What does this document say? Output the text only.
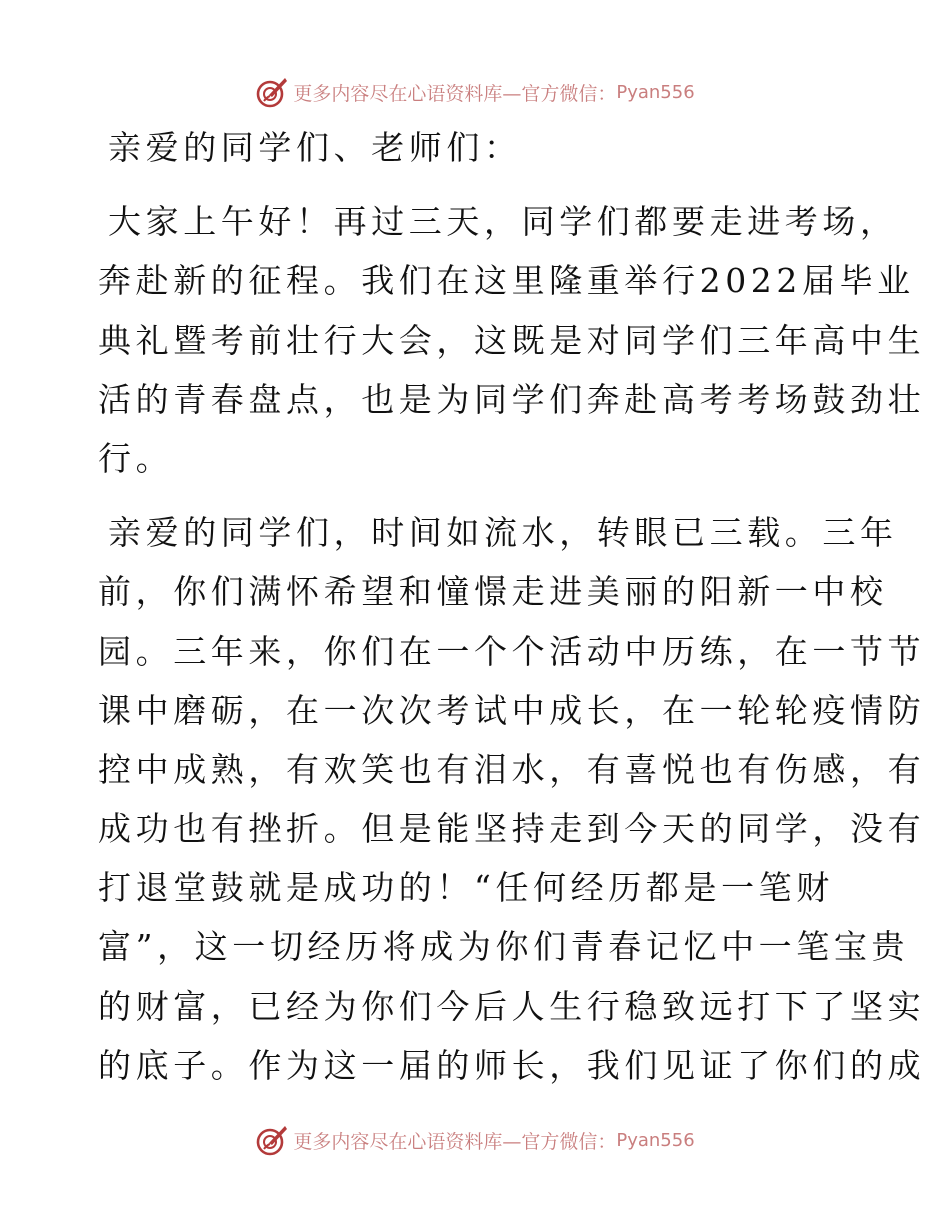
更多内容尽在心语资料库—官方微信： Pyan556

亲爱的同学们、老师们：

大家上午好！再过三天，同学们都要走进考场，
奔赴新的征程。我们在这里隆重举行2022届毕业
典礼暨考前壮行大会，这既是对同学们三年高中生
活的青春盘点，也是为同学们奔赴高考考场鼓劲壮
行。

亲爱的同学们，时间如流水，转眼已三载。三年
前，你们满怀希望和憧憬走进美丽的阳新一中校
园。三年来，你们在一个个活动中历练，在一节节
课中磨砺，在一次次考试中成长，在一轮轮疫情防
控中成熟，有欢笑也有泪水，有喜悦也有伤感，有
成功也有挫折。但是能坚持走到今天的同学，没有
打退堂鼓就是成功的！“任何经历都是一笔财
富”，这一切经历将成为你们青春记忆中一笔宝贵
的财富，已经为你们今后人生行稳致远打下了坚实
的底子。作为这一届的师长，我们见证了你们的成

更多内容尽在心语资料库—官方微信： Pyan556
